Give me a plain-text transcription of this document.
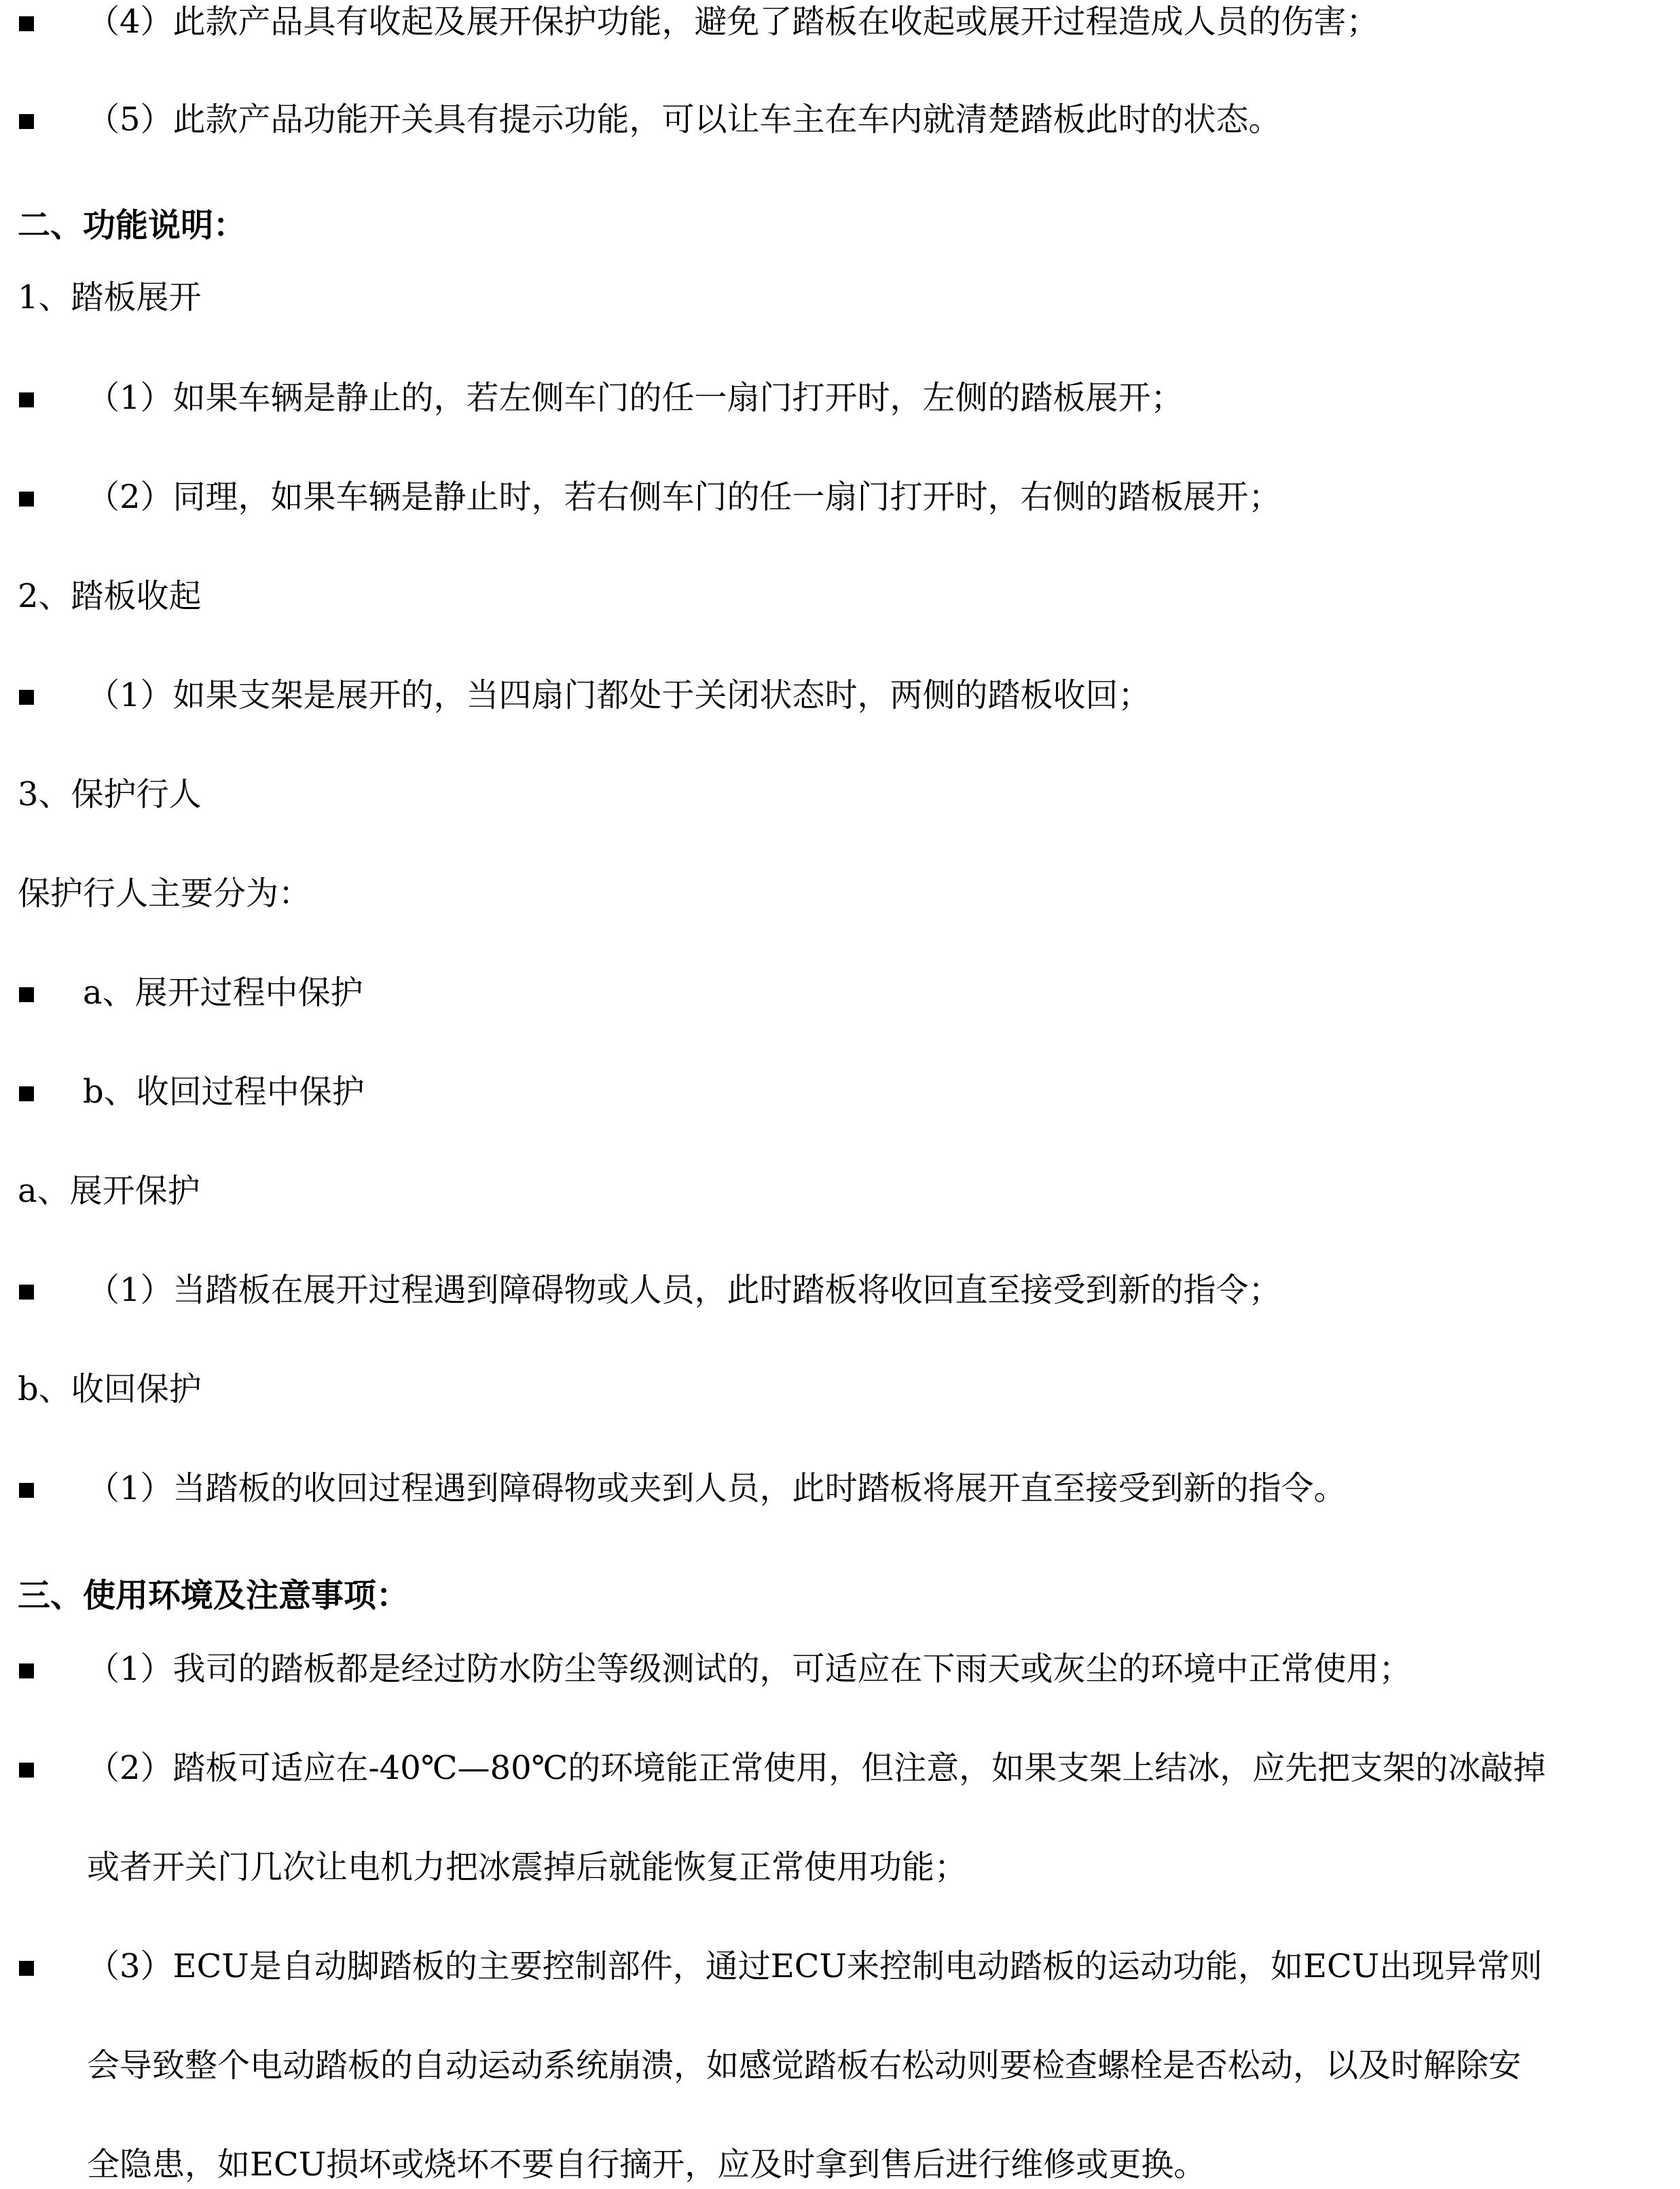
（4）此款产品具有收起及展开保护功能，避免了踏板在收起或展开过程造成人员的伤害；
（5）此款产品功能开关具有提示功能，可以让车主在车内就清楚踏板此时的状态。
二、功能说明：
1、踏板展开
（1）如果车辆是静止的，若左侧车门的任一扇门打开时，左侧的踏板展开；
（2）同理，如果车辆是静止时，若右侧车门的任一扇门打开时，右侧的踏板展开；
2、踏板收起
（1）如果支架是展开的，当四扇门都处于关闭状态时，两侧的踏板收回；
3、保护行人
保护行人主要分为：
a、展开过程中保护
b、收回过程中保护
a、展开保护
（1）当踏板在展开过程遇到障碍物或人员，此时踏板将收回直至接受到新的指令；
b、收回保护
（1）当踏板的收回过程遇到障碍物或夹到人员，此时踏板将展开直至接受到新的指令。
三、使用环境及注意事项：
（1）我司的踏板都是经过防水防尘等级测试的，可适应在下雨天或灰尘的环境中正常使用；
（2）踏板可适应在-40℃—80℃的环境能正常使用，但注意，如果支架上结冰，应先把支架的冰敲掉
或者开关门几次让电机力把冰震掉后就能恢复正常使用功能；
（3）ECU是自动脚踏板的主要控制部件，通过ECU来控制电动踏板的运动功能，如ECU出现异常则
会导致整个电动踏板的自动运动系统崩溃，如感觉踏板右松动则要检查螺栓是否松动，以及时解除安
全隐患，如ECU损坏或烧坏不要自行摘开，应及时拿到售后进行维修或更换。
